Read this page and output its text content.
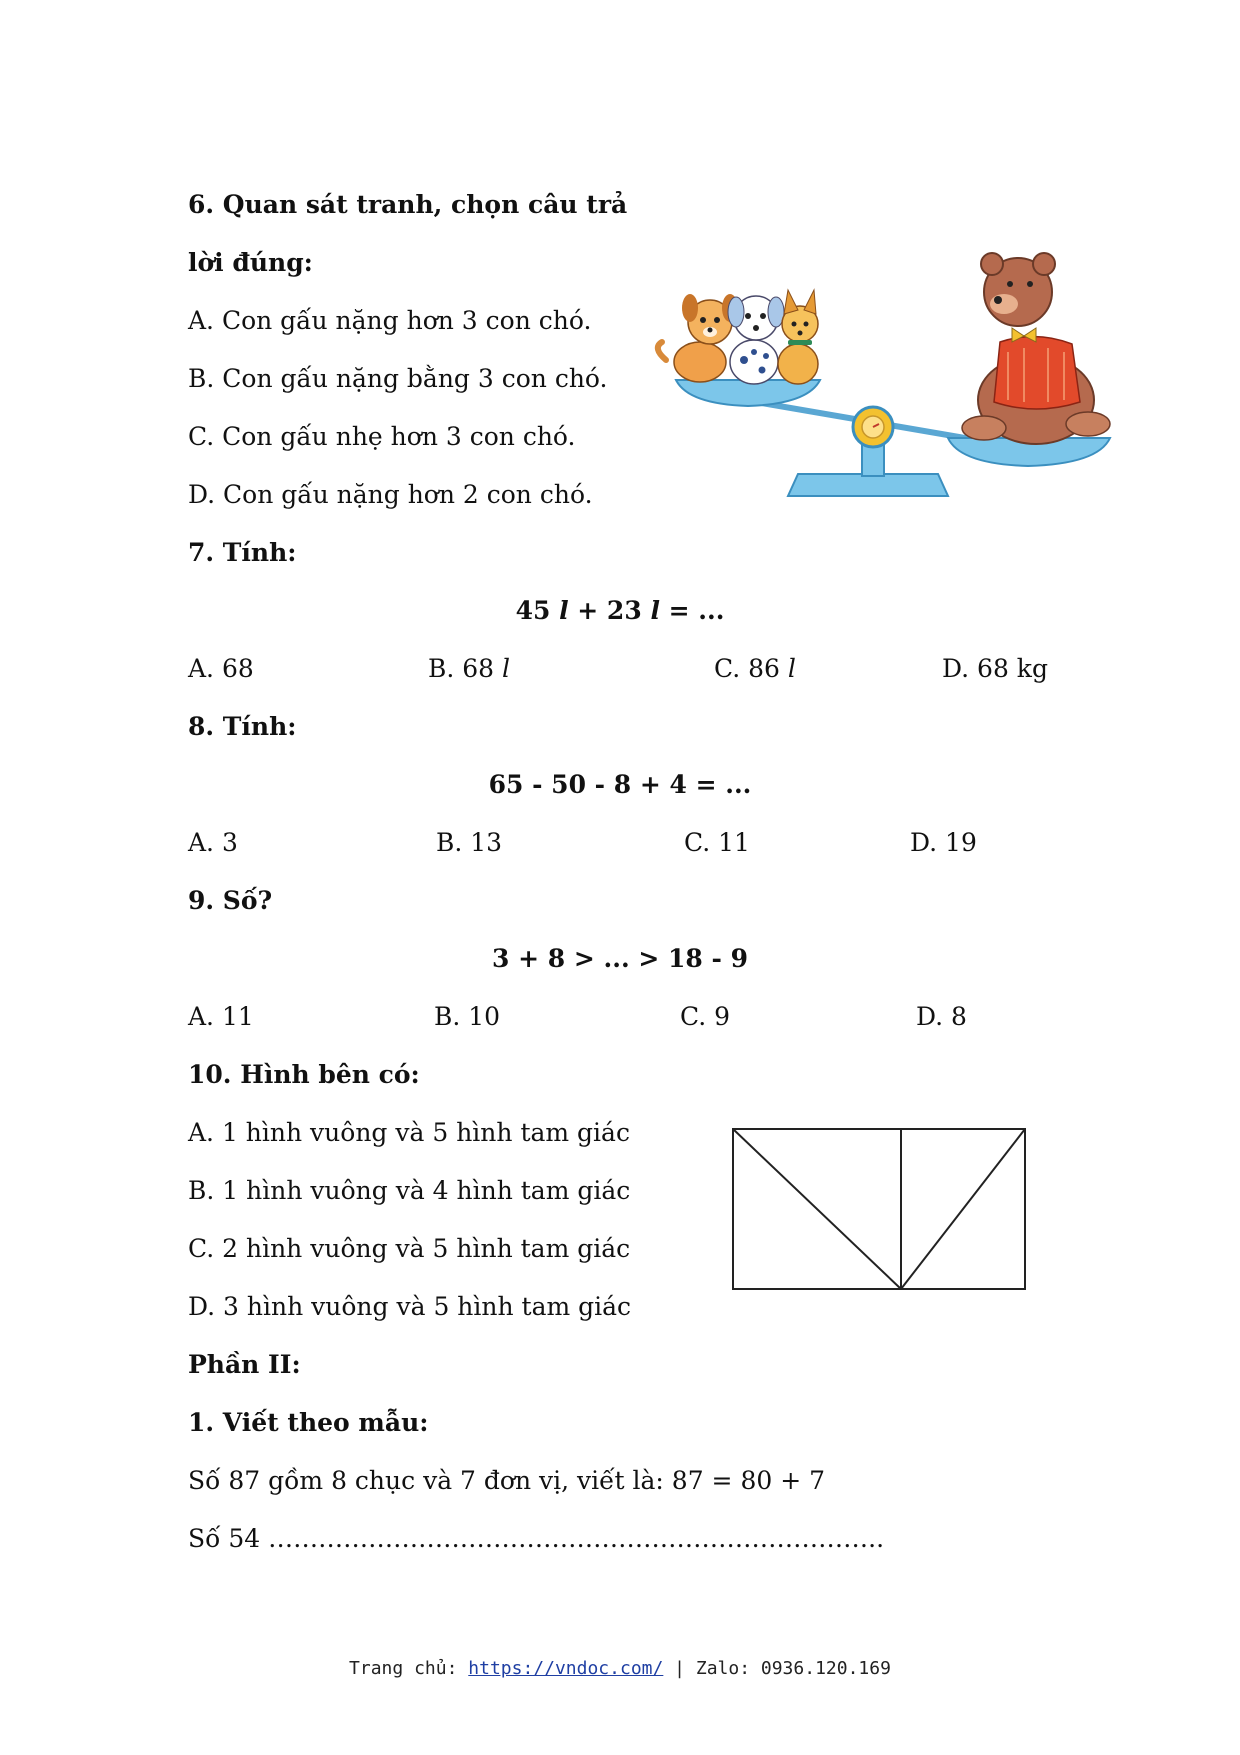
6. Quan sát tranh, chọn câu trả
lời đúng:
A. Con gấu nặng hơn 3 con chó.
B. Con gấu nặng bằng 3 con chó.
C. Con gấu nhẹ hơn 3 con chó.
D. Con gấu nặng hơn 2 con chó.
7. Tính:
45 l + 23 l = ...
A. 68	B. 68 l	C. 86 l	D. 68 kg
8. Tính:
65 - 50 - 8 + 4 = ...
A. 3	B. 13	C. 11	D. 19
9. Số?
3 + 8 > ... > 18 - 9
A. 11	B. 10	C. 9	D. 8
10. Hình bên có:
A. 1 hình vuông và 5 hình tam giác
B. 1 hình vuông và 4 hình tam giác
C. 2 hình vuông và 5 hình tam giác
D. 3 hình vuông và 5 hình tam giác
Phần II:
1. Viết theo mẫu:
Số 87 gồm 8 chục và 7 đơn vị, viết là: 87 = 80 + 7
Số 54 ………………………………………………………………..
Trang chủ: https://vndoc.com/ | Zalo: 0936.120.169
